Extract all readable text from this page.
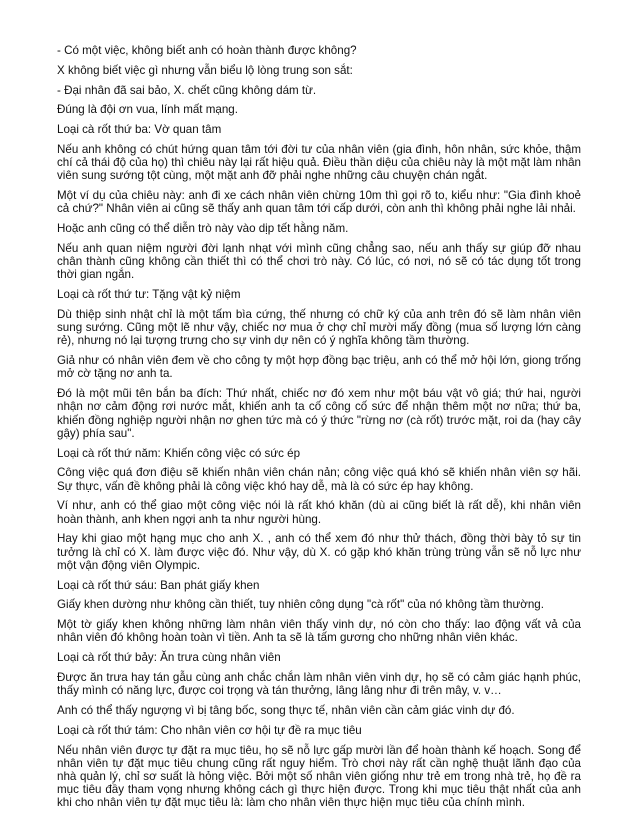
- Có một việc, không biết anh có hoàn thành được không?

X không biết việc gì nhưng vẫn biểu lộ lòng trung son sắt:

- Đại nhân đã sai bảo, X. chết cũng không dám từ.

Đúng là đội ơn vua, lính mất mạng.

Loại cà rốt thứ ba: Vờ quan tâm

Nếu anh không có chút hứng quan tâm tới đời tư của nhân viên (gia đình, hôn nhân, sức khỏe, thậm chí cả thái độ của họ) thì chiêu này lại rất hiệu quả. Điều thần diệu của chiêu này là một mặt làm nhân viên sung sướng tột cùng, một mặt anh đỡ phải nghe những câu chuyện chán ngắt.

Một ví dụ của chiêu này: anh đi xe cách nhân viên chừng 10m thì gọi rõ to, kiểu như: "Gia đình khoẻ cả chứ?" Nhân viên ai cũng sẽ thấy anh quan tâm tới cấp dưới, còn anh thì không phải nghe lải nhải.

Hoặc anh cũng có thể diễn trò này vào dịp tết hằng năm.

Nếu anh quan niệm người đời lạnh nhạt với mình cũng chẳng sao, nếu anh thấy sự giúp đỡ nhau chân thành cũng không cần thiết thì có thể chơi trò này. Có lúc, có nơi, nó sẽ có tác dụng tốt trong thời gian ngắn.

Loại cà rốt thứ tư: Tặng vật kỷ niệm

Dù thiệp sinh nhật chỉ là một tấm bìa cứng, thế nhưng có chữ ký của anh trên đó sẽ làm nhân viên sung sướng. Cũng một lẽ như vậy, chiếc nơ mua ở chợ chỉ mười mấy đồng (mua số lượng lớn càng rẻ), nhưng nó lại tượng trưng cho sự vinh dự nên có ý nghĩa không tầm thường.

Giả như có nhân viên đem về cho công ty một hợp đồng bạc triệu, anh có thể mở hội lớn, giong trống mở cờ tặng nơ anh ta.

Đó là một mũi tên bắn ba đích: Thứ nhất, chiếc nơ đó xem như một báu vật vô giá; thứ hai, người nhận nơ cảm động rơi nước mắt, khiến anh ta cố công cố sức để nhận thêm một nơ nữa; thứ ba, khiến đồng nghiệp người nhận nơ ghen tức mà có ý thức "rừng nơ (cà rốt) trước mặt, roi da (hay cây gậy) phía sau".

Loại cà rốt thứ năm: Khiến công việc có sức ép

Công việc quá đơn điệu sẽ khiến nhân viên chán nản; công việc quá khó sẽ khiến nhân viên sợ hãi. Sự thực, vấn đề không phải là công việc khó hay dễ, mà là có sức ép hay không.

Ví như, anh có thể giao một công việc nói là rất khó khăn (dù ai cũng biết là rất dễ), khi nhân viên hoàn thành, anh khen ngợi anh ta như người hùng.

Hay khi giao một hạng mục cho anh X. , anh có thể xem đó như thử thách, đồng thời bày tỏ sự tin tưởng là chỉ có X. làm được việc đó. Như vậy, dù X. có gặp khó khăn trùng trùng vẫn sẽ nỗ lực như một vận động viên Olympic.

Loại cà rốt thứ sáu: Ban phát giấy khen

Giấy khen dường như không cần thiết, tuy nhiên công dụng "cà rốt" của nó không tầm thường.

Một tờ giấy khen không những làm nhân viên thấy vinh dự, nó còn cho thấy: lao động vất vả của nhân viên đó không hoàn toàn vì tiền. Anh ta sẽ là tấm gương cho những nhân viên khác.

Loại cà rốt thứ bảy: Ăn trưa cùng nhân viên

Được ăn trưa hay tán gẫu cùng anh chắc chắn làm nhân viên vinh dự, họ sẽ có cảm giác hạnh phúc, thấy mình có năng lực, được coi trọng và tán thưởng, lâng lâng như đi trên mây, v. v…

Anh có thể thấy ngượng vì bị tâng bốc, song thực tế, nhân viên cần cảm giác vinh dự đó.

Loại cà rốt thứ tám: Cho nhân viên cơ hội tự đề ra mục tiêu

Nếu nhân viên được tự đặt ra mục tiêu, họ sẽ nỗ lực gấp mười lần để hoàn thành kế hoạch. Song để nhân viên tự đặt mục tiêu chung cũng rất nguy hiểm. Trò chơi này rất cần nghệ thuật lãnh đạo của nhà quản lý, chỉ sơ suất là hỏng việc. Bởi một số nhân viên giống như trẻ em trong nhà trẻ, họ đề ra mục tiêu đầy tham vọng nhưng không cách gì thực hiện được. Trong khi mục tiêu thật nhất của anh khi cho nhân viên tự đặt mục tiêu là: làm cho nhân viên thực hiện mục tiêu của chính mình.
